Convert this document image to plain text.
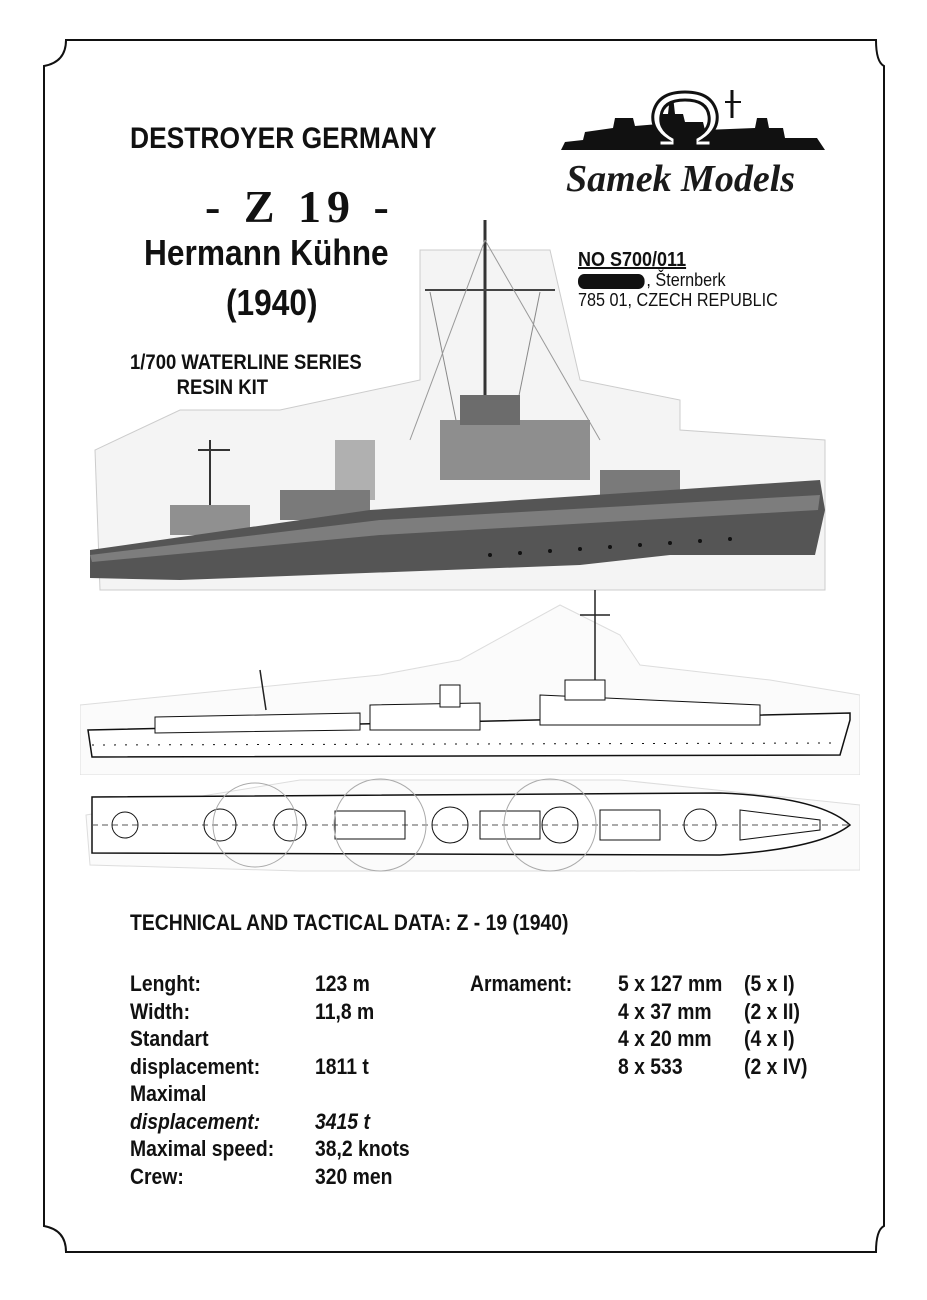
DESTROYER GERMANY
- Z 19 -
Hermann Kühne
(1940)
1/700 WATERLINE SERIES
RESIN KIT
Samek Models
NO S700/011
, Šternberk
785 01, CZECH REPUBLIC
TECHNICAL AND TACTICAL DATA: Z - 19 (1940)
Lenght:
Width:
Standart
displacement:
Maximal
displacement:
Maximal speed:
Crew:
123 m
11,8 m
1811 t
3415 t
38,2 knots
320 men
Armament: 5 x 127 mm
4 x 37 mm
4 x 20 mm
8 x 533
(5 x I)
(2 x II)
(4 x I)
(2 x IV)
